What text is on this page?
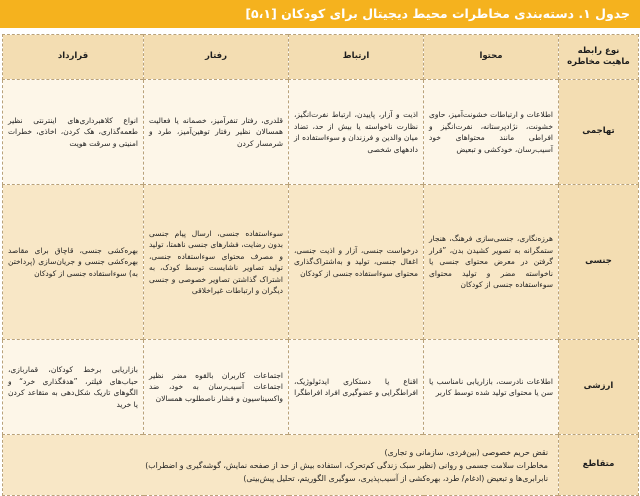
جدول ۱. دسته‌بندی مخاطرات محیط دیجیتال برای کودکان [۵،۱]
نوع رابطه ماهیت مخاطره	محتوا	ارتباط	رفتار	قرارداد
تهاجمی	اطلاعات و ارتباطات خشونت‌آمیز، حاوی خشونت، نژادپرستانه، نفرت‌انگیز و افراطی مانند محتواهای خود آسیب‌رسان، خودکشی و تبعیض	اذیت و آزار، پاییدن، ارتباط نفرت‌انگیز، نظارت ناخواسته یا بیش از حد، تضاد میان والدین و فرزندان و سوءاستفاده از دادههای شخصی	قلدری، رفتار تنفرآمیز، خصمانه یا فعالیت همسالان نظیر رفتار توهین‌آمیز، طرد و شرمسار کردن	انواع کلاهبرداری‌های اینترنتی نظیر طعمه‌گذاری، هک کردن، اخاذی، خطرات امنیتی و سرقت هویت
جنسی	هرزه‌نگاری، جنسی‌سازی فرهنگ، هنجار ستمگرانه به تصویر کشیدن بدن، ”قرار گرفتن در معرض محتوای جنسی یا ناخواسته مضر و تولید محتوای سوءاستفاده جنسی از کودکان	درخواست جنسی، آزار و اذیت جنسی، اغفال جنسی، تولید و به‌اشتراک‌گذاری محتوای سوءاستفاده جنسی از کودکان	سوءاستفاده جنسی، ارسال پیام جنسی بدون رضایت، فشارهای جنسی ناهمتا، تولید و مصرف محتوای سوءاستفاده جنسی، تولید تصاویر ناشایست توسط کودک، به اشتراک گذاشتن تصاویر خصوصی و جنسی دیگران و ارتباطات غیراخلاقی	بهره‌کشی جنسی، قاچاق برای مقاصد بهره‌کشی جنسی و جریان‌سازی (پرداختن به) سوءاستفاده جنسی از کودکان
ارزشی	اطلاعات نادرست، بازاریابی نامناسب یا سن یا محتوای تولید شده توسط کاربر	اقناع یا دستکاری ایدئولوژیک، افراطگرایی و عضوگیری افراد افراطگرا	اجتماعات کاربران بالقوه مضر نظیر اجتماعات آسیب‌رسان به خود، ضد واکسیناسیون و فشار ناصطلوب همسالان	بازاریابی برخط کودکان، قماربازی، حباب‌های فیلتر، ”هدفگذاری خرد“ و الگوهای تاریک شکل‌دهی به متقاعد کردن یا خرید
متقاطع	نقض حریم خصوصی (بین‌فردی، سازمانی و تجاری)
مخاطرات سلامت جسمی و روانی (نظیر سبک زندگی کم‌تحرک، استفاده بیش از حد از صفحه نمایش، گوشه‌گیری و اضطراب)
نابرابری‌ها و تبعیض (ادغام/ طرد، بهره‌کشی از آسیب‌پذیری، سوگیری الگوریتم، تحلیل پیش‌بینی)			
